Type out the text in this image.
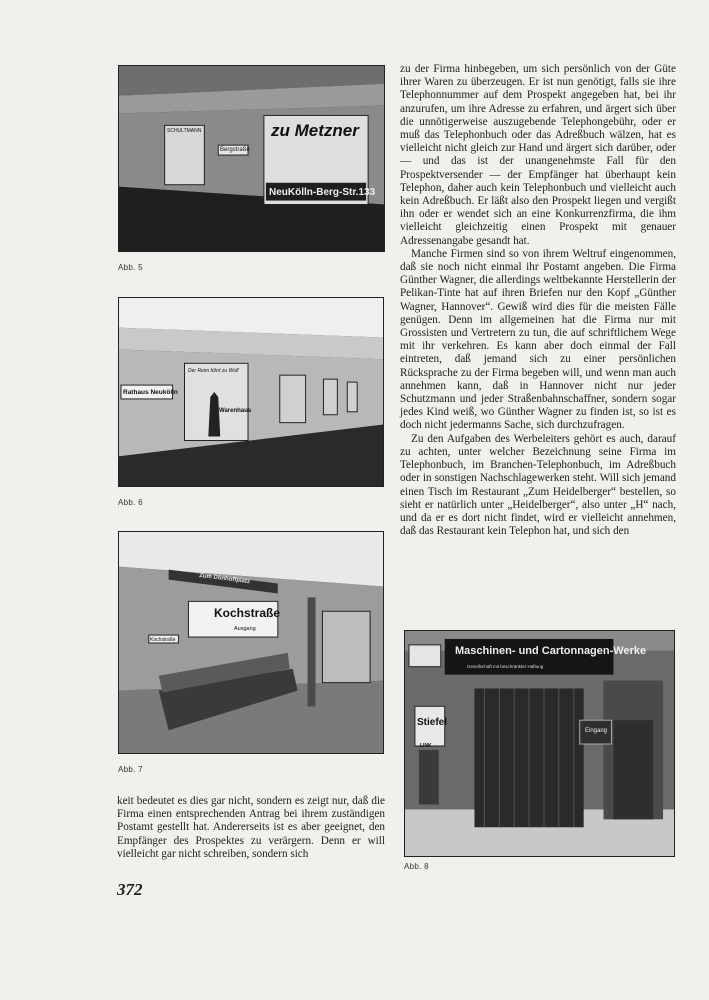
zu Metzner
NeuKölln-Berg-Str.133
Bergstraße
SCHULTMANN
Abb. 5
Rathaus Neukölln
Der Reim führt zu Wolf
Warenhaus
Abb. 6
Kochstraße
Ausgang
Kochstraße
Zum Dönhoffplatz
Abb. 7
Maschinen- und Cartonnagen-Werke
Gesellschaft mit beschränkter Haftung
Stiefel
LINK
Eingang
Abb. 8

zu der Firma hinbegeben, um sich persönlich von der Güte ihrer Waren zu überzeugen. Er ist nun genötigt, falls sie ihre Telephonnummer auf dem Prospekt angegeben hat, bei ihr anzurufen, um ihre Adresse zu erfahren, und ärgert sich über die unnötigerweise auszugebende Telephongebühr, oder er muß das Telephonbuch oder das Adreßbuch wälzen, hat es vielleicht nicht gleich zur Hand und ärgert sich darüber, oder — und das ist der unangenehmste Fall für den Prospektversender — der Empfänger hat überhaupt kein Telephon, daher auch kein Telephonbuch und vielleicht auch kein Adreßbuch. Er läßt also den Prospekt liegen und vergißt ihn oder er wendet sich an eine Konkurrenzfirma, die ihm vielleicht gleichzeitig einen Prospekt mit genauer Adressenangabe gesandt hat.

Manche Firmen sind so von ihrem Weltruf eingenommen, daß sie noch nicht einmal ihr Postamt angeben. Die Firma Günther Wagner, die allerdings weltbekannte Herstellerin der Pelikan-Tinte hat auf ihren Briefen nur den Kopf „Günther Wagner, Hannover“. Gewiß wird dies für die meisten Fälle genügen. Denn im allgemeinen hat die Firma nur mit Grossisten und Vertretern zu tun, die auf schriftlichem Wege mit ihr verkehren. Es kann aber doch einmal der Fall eintreten, daß jemand sich zu einer persönlichen Rücksprache zu der Firma begeben will, und wenn man auch annehmen kann, daß in Hannover nicht nur jeder Schutzmann und jeder Straßenbahnschaffner, sondern sogar jedes Kind weiß, wo Günther Wagner zu finden ist, so ist es doch nicht jedermanns Sache, sich durchzufragen.

Zu den Aufgaben des Werbeleiters gehört es auch, darauf zu achten, unter welcher Bezeichnung seine Firma im Telephonbuch, im Branchen-Telephonbuch, im Adreßbuch oder in sonstigen Nachschlagewerken steht. Will sich jemand einen Tisch im Restaurant „Zum Heidelberger“ bestellen, so sieht er natürlich unter „Heidelberger“, also unter „H“ nach, und da er es dort nicht findet, wird er vielleicht annehmen, daß das Restaurant kein Telephon hat, und sich den

keit bedeutet es dies gar nicht, sondern es zeigt nur, daß die Firma einen entsprechenden Antrag bei ihrem zuständigen Postamt gestellt hat. Andererseits ist es aber geeignet, den Empfänger des Prospektes zu verärgern. Denn er will vielleicht gar nicht schreiben, sondern sich

372
